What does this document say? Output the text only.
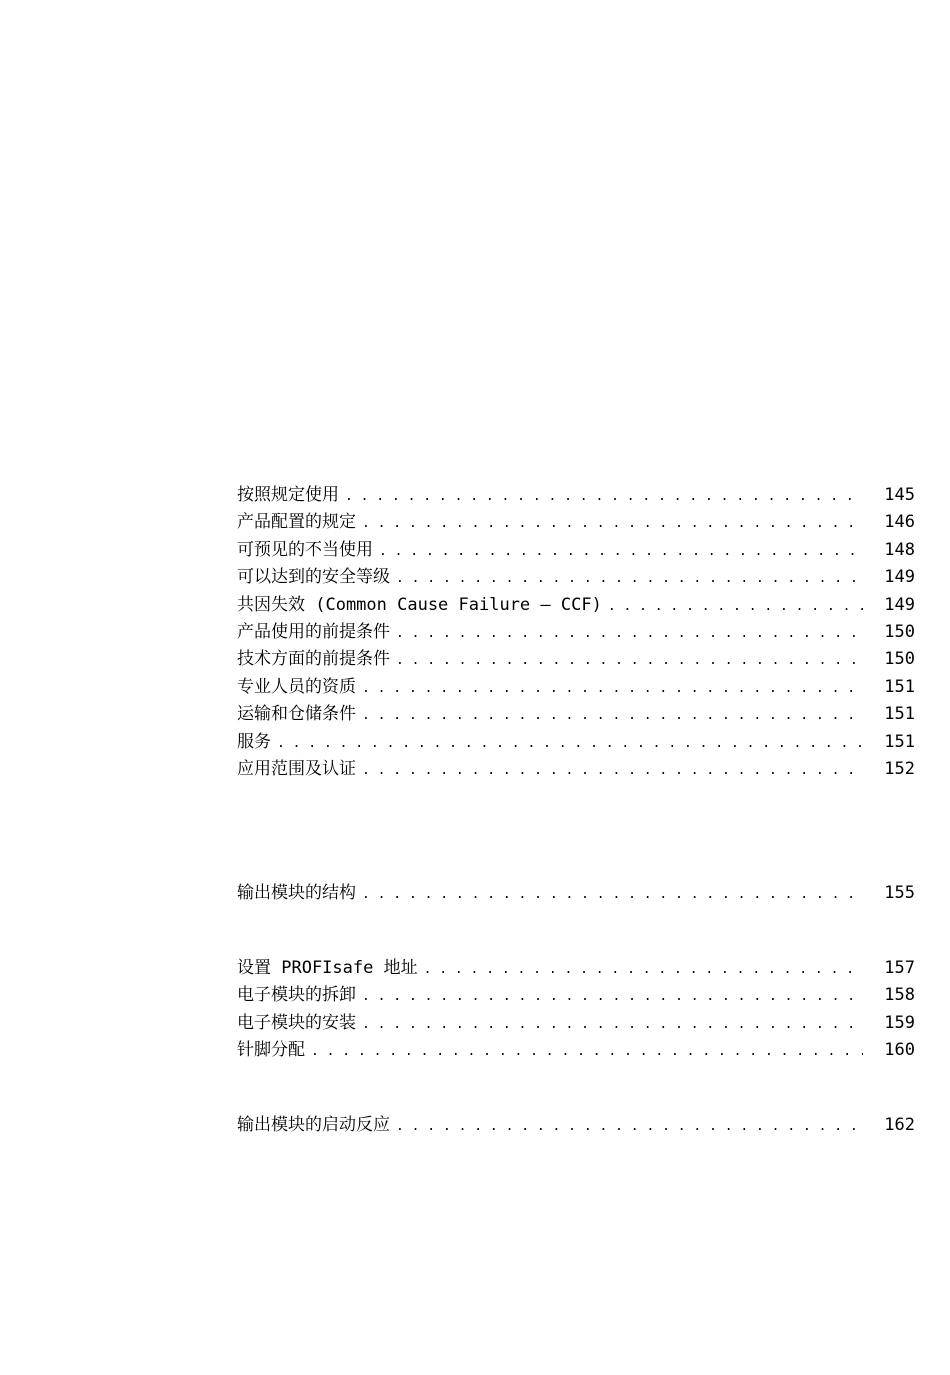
按照规定使用 . . .	145
产品配置的规定 . . .	146
可预见的不当使用 . . .	148
可以达到的安全等级 . . .	149
共因失效 (Common Cause Failure – CCF) . . .	149
产品使用的前提条件 . . .	150
技术方面的前提条件 . . .	150
专业人员的资质 . . .	151
运输和仓储条件 . . .	151
服务 . . .	151
应用范围及认证 . . .	152
输出模块的结构 . . .	155
设置 PROFIsafe 地址 . . .	157
电子模块的拆卸 . . .	158
电子模块的安装 . . .	159
针脚分配 . . .	160
输出模块的启动反应 . . .	162
